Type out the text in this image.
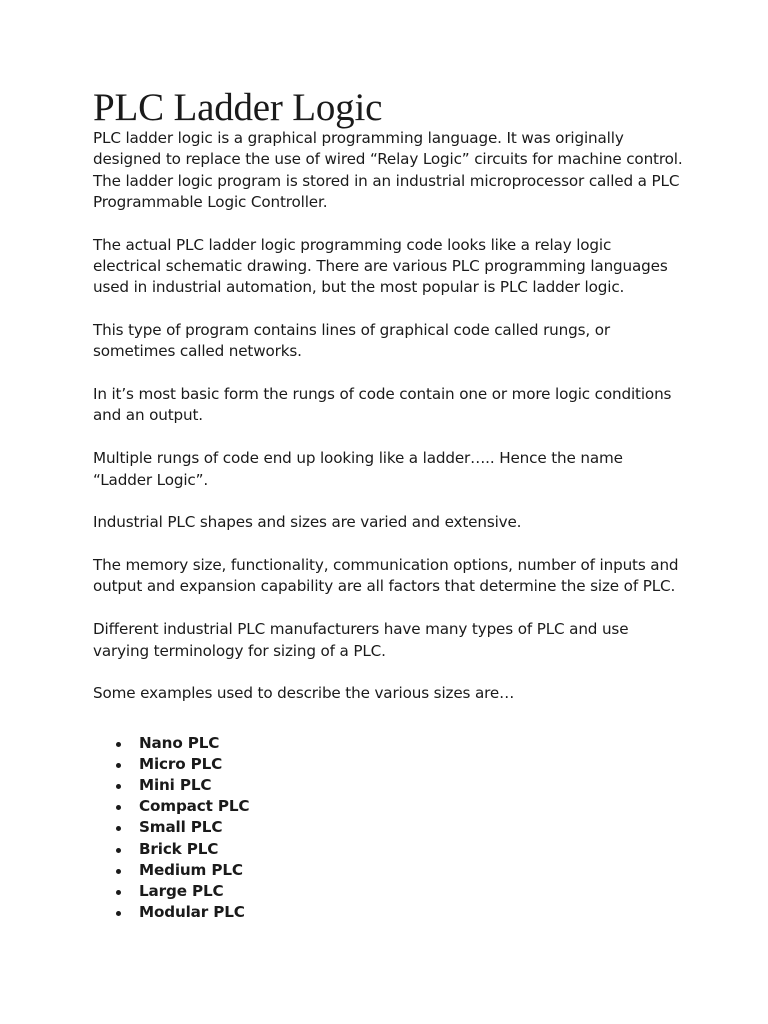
PLC Ladder Logic

PLC ladder logic is a graphical programming language. It was originally designed to replace the use of wired “Relay Logic” circuits for machine control. The ladder logic program is stored in an industrial microprocessor called a PLC Programmable Logic Controller.

The actual PLC ladder logic programming code looks like a relay logic electrical schematic drawing. There are various PLC programming languages used in industrial automation, but the most popular is PLC ladder logic.

This type of program contains lines of graphical code called rungs, or sometimes called networks.

In it’s most basic form the rungs of code contain one or more logic conditions and an output.

Multiple rungs of code end up looking like a ladder….. Hence the name “Ladder Logic”.

Industrial PLC shapes and sizes are varied and extensive.

The memory size, functionality, communication options, number of inputs and output and expansion capability are all factors that determine the size of PLC.

Different industrial PLC manufacturers have many types of PLC and use varying terminology for sizing of a PLC.

Some examples used to describe the various sizes are…

Nano PLC
Micro PLC
Mini PLC
Compact PLC
Small PLC
Brick PLC
Medium PLC
Large PLC
Modular PLC
